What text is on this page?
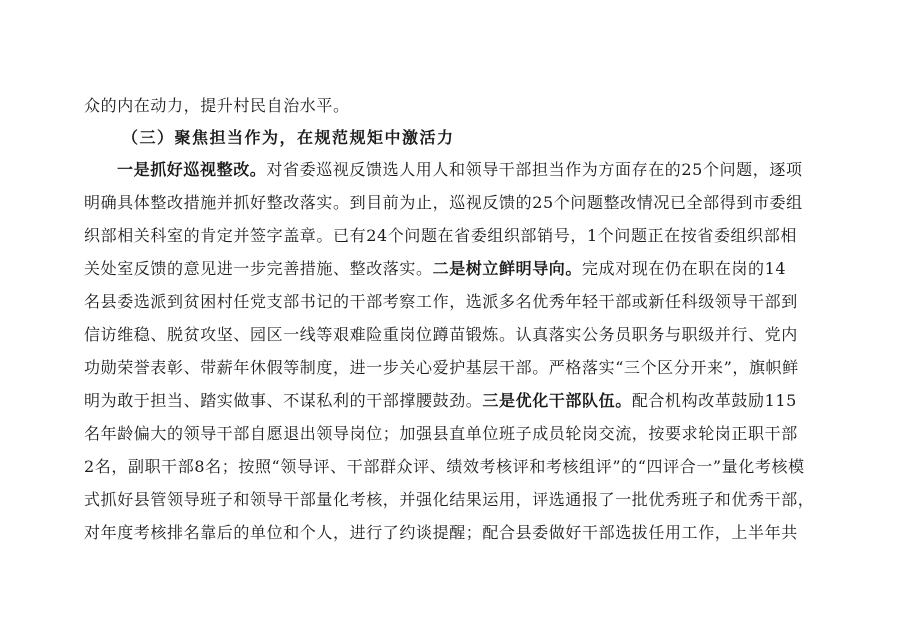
众的内在动力，提升村民自治水平。
（三）聚焦担当作为，在规范规矩中激活力
一是抓好巡视整改。对省委巡视反馈选人用人和领导干部担当作为方面存在的25个问题，逐项
明确具体整改措施并抓好整改落实。到目前为止，巡视反馈的25个问题整改情况已全部得到市委组
织部相关科室的肯定并签字盖章。已有24个问题在省委组织部销号，1个问题正在按省委组织部相
关处室反馈的意见进一步完善措施、整改落实。二是树立鲜明导向。完成对现在仍在职在岗的14
名县委选派到贫困村任党支部书记的干部考察工作，选派多名优秀年轻干部或新任科级领导干部到
信访维稳、脱贫攻坚、园区一线等艰难险重岗位蹲苗锻炼。认真落实公务员职务与职级并行、党内
功勋荣誉表彰、带薪年休假等制度，进一步关心爱护基层干部。严格落实“三个区分开来”，旗帜鲜
明为敢于担当、踏实做事、不谋私利的干部撑腰鼓劲。三是优化干部队伍。配合机构改革鼓励115
名年龄偏大的领导干部自愿退出领导岗位；加强县直单位班子成员轮岗交流，按要求轮岗正职干部
2名，副职干部8名；按照“领导评、干部群众评、绩效考核评和考核组评”的“四评合一”量化考核模
式抓好县管领导班子和领导干部量化考核，并强化结果运用，评选通报了一批优秀班子和优秀干部，
对年度考核排名靠后的单位和个人，进行了约谈提醒；配合县委做好干部选拔任用工作，上半年共
